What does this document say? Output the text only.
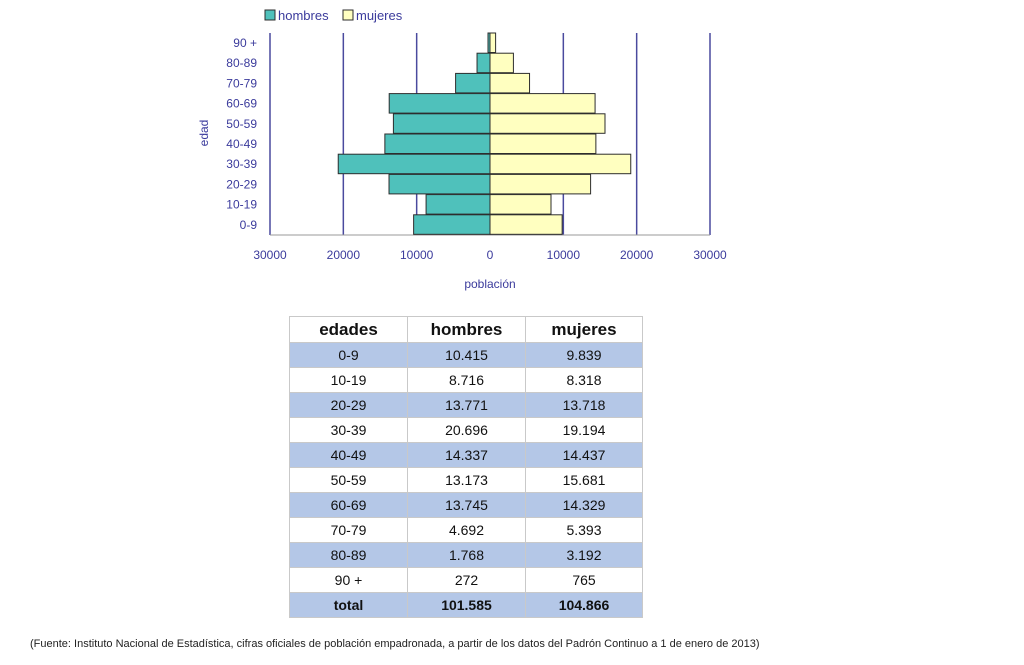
hombres mujeres
0-9
10-19
20-29
30-39
40-49
50-59
60-69
70-79
80-89
90 +
30000	20000	10000	0	10000	20000	30000
edad
población
edades	hombres	mujeres
0-9	10.415	9.839
10-19	8.716	8.318
20-29	13.771	13.718
30-39	20.696	19.194
40-49	14.337	14.437
50-59	13.173	15.681
60-69	13.745	14.329
70-79	4.692	5.393
80-89	1.768	3.192
90 +	272	765
total	101.585	104.866
(Fuente: Instituto Nacional de Estadística, cifras oficiales de población empadronada, a partir de los datos del Padrón Continuo a 1 de enero de 2013)
